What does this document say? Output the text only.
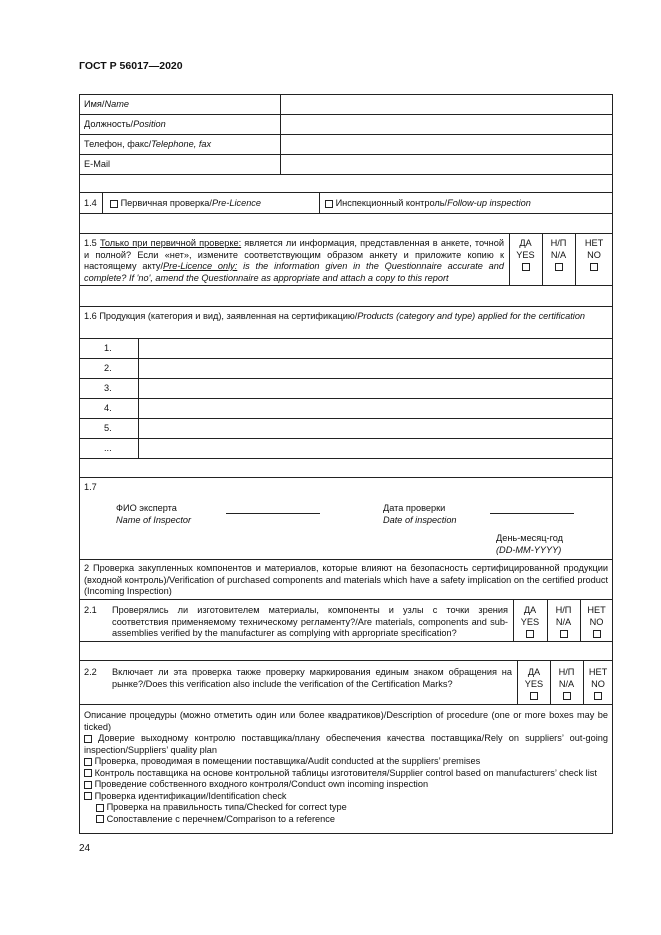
ГОСТ Р 56017—2020
Имя/Name
Должность/Position
Телефон, факс/Telephone, fax
E-Mail
1.4	Первичная проверка/Pre-Licence	Инспекционный контроль/Follow-up inspection
1.5 Только при первичной проверке: является ли информация, представленная в анкете, точной и полной? Если «нет», измените соответствующим образом анкету и приложите копию к настоящему акту/Pre-Licence only: is the information given in the Questionnaire accurate and complete? If 'no', amend the Questionnaire as appropriate and attach a copy to this report
ДА
YES
Н/П
N/A
НЕТ
NO
1.6 Продукция (категория и вид), заявленная на сертификацию/Products (category and type) applied for the certification
1.
2.
3.
4.
5.
...
1.7
ФИО эксперта
Name of Inspector
Дата проверки
Date of inspection
День-месяц-год
(DD-MM-YYYY)
2 Проверка закупленных компонентов и материалов, которые влияют на безопасность сертифицированной продукции (входной контроль)/Verification of purchased components and materials which have a safety implication on the certified product (Incoming Inspection)
2.1 Проверялись ли изготовителем материалы, компоненты и узлы с точки зрения соответствия применяемому техническому регламенту?/Are materials, components and sub-assemblies verified by the manufacturer as complying with appropriate specification?
ДА
YES
Н/П
N/A
НЕТ
NO
2.2 Включает ли эта проверка также проверку маркирования единым знаком обращения на рынке?/Does this verification also include the verification of the Certification Marks?
ДА
YES
Н/П
N/A
НЕТ
NO
Описание процедуры (можно отметить один или более квадратиков)/Description of procedure (one or more boxes may be ticked)
Доверие выходному контролю поставщика/плану обеспечения качества поставщика/Rely on suppliers’ out-going inspection/Suppliers’ quality plan
Проверка, проводимая в помещении поставщика/Audit conducted at the suppliers’ premises
Контроль поставщика на основе контрольной таблицы изготовителя/Supplier control based on manufacturers’ check list
Проведение собственного входного контроля/Conduct own incoming inspection
Проверка идентификации/Identification check
Проверка на правильность типа/Checked for correct type
Сопоставление с перечнем/Comparison to a reference
24
